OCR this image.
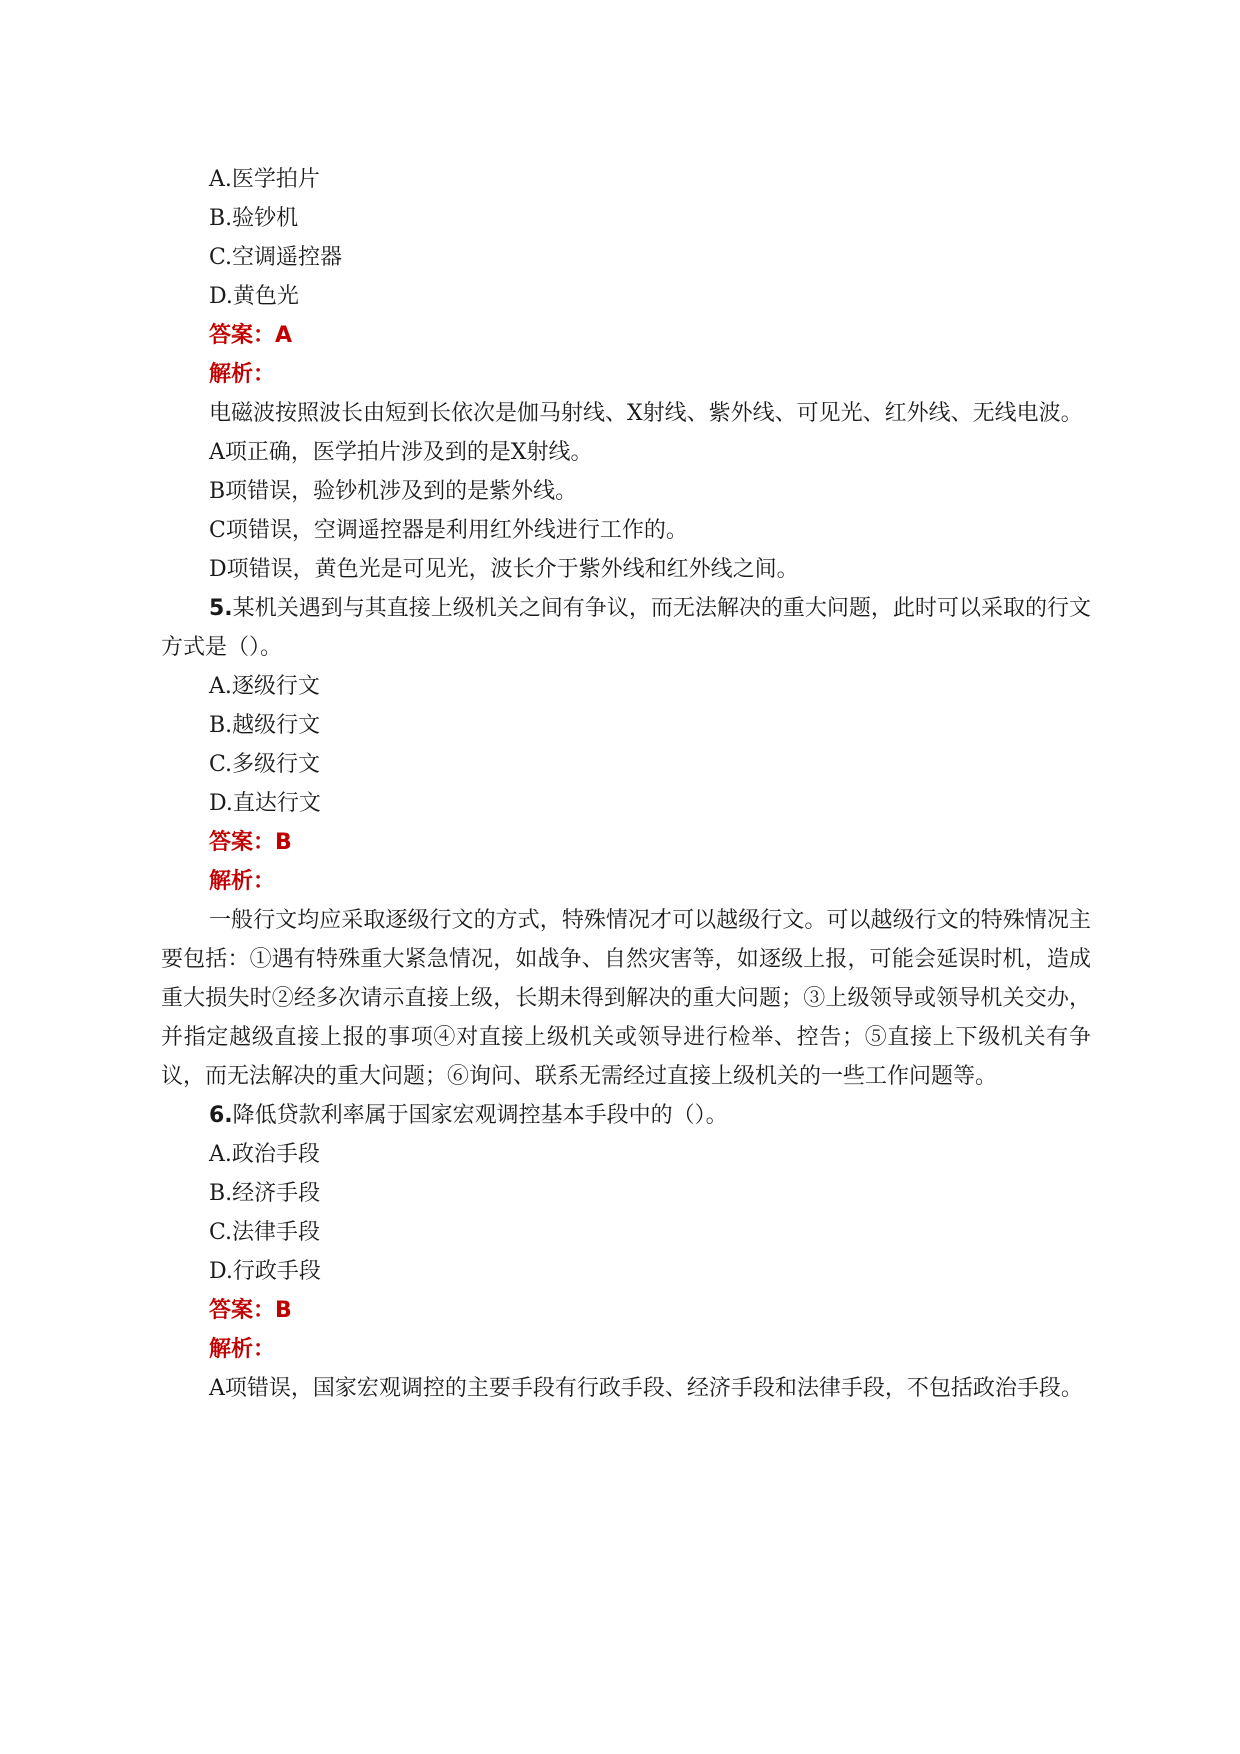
A.医学拍片

B.验钞机

C.空调遥控器

D.黄色光

答案：A

解析：

电磁波按照波长由短到长依次是伽马射线、X射线、紫外线、可见光、红外线、无线电波。

A项正确，医学拍片涉及到的是X射线。

B项错误，验钞机涉及到的是紫外线。

C项错误，空调遥控器是利用红外线进行工作的。

D项错误，黄色光是可见光，波长介于紫外线和红外线之间。

5.某机关遇到与其直接上级机关之间有争议，而无法解决的重大问题，此时可以采取的行文方式是（）。

A.逐级行文

B.越级行文

C.多级行文

D.直达行文

答案：B

解析：

一般行文均应采取逐级行文的方式，特殊情况才可以越级行文。可以越级行文的特殊情况主要包括：①遇有特殊重大紧急情况，如战争、自然灾害等，如逐级上报，可能会延误时机，造成重大损失时②经多次请示直接上级，长期未得到解决的重大问题；③上级领导或领导机关交办，并指定越级直接上报的事项④对直接上级机关或领导进行检举、控告；⑤直接上下级机关有争议，而无法解决的重大问题；⑥询问、联系无需经过直接上级机关的一些工作问题等。

6.降低贷款利率属于国家宏观调控基本手段中的（）。

A.政治手段

B.经济手段

C.法律手段

D.行政手段

答案：B

解析：

A项错误，国家宏观调控的主要手段有行政手段、经济手段和法律手段，不包括政治手段。
